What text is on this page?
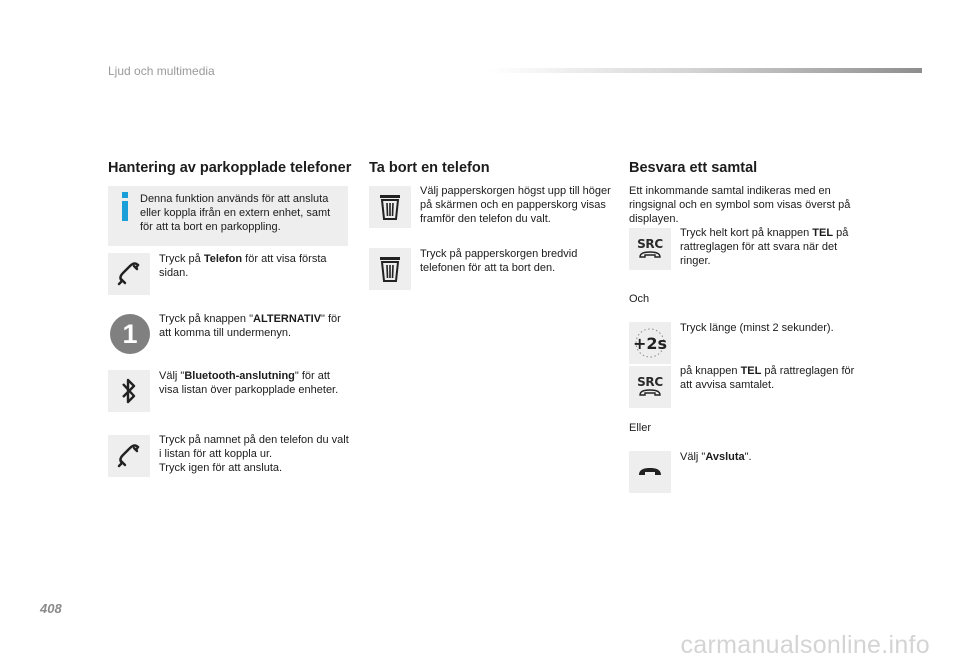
Ljud och multimedia
Hantering av parkopplade telefoner
Denna funktion används för att ansluta eller koppla ifrån en extern enhet, samt för att ta bort en parkoppling.
Tryck på Telefon för att visa första sidan.
1	Tryck på knappen "ALTERNATIV" för att komma till undermenyn.
Välj "Bluetooth-anslutning" för att visa listan över parkopplade enheter.
Tryck på namnet på den telefon du valt i listan för att koppla ur.
Tryck igen för att ansluta.
Ta bort en telefon
Välj papperskorgen högst upp till höger på skärmen och en papperskorg visas framför den telefon du valt.
Tryck på papperskorgen bredvid telefonen för att ta bort den.
Besvara ett samtal
Ett inkommande samtal indikeras med en ringsignal och en symbol som visas överst på displayen.
SRC
Tryck helt kort på knappen TEL på rattreglagen för att svara när det ringer.
Och
+2s
Tryck länge (minst 2 sekunder).
SRC
på knappen TEL på rattreglagen för att avvisa samtalet.
Eller
Välj "Avsluta".
408
carmanualsonline.info
